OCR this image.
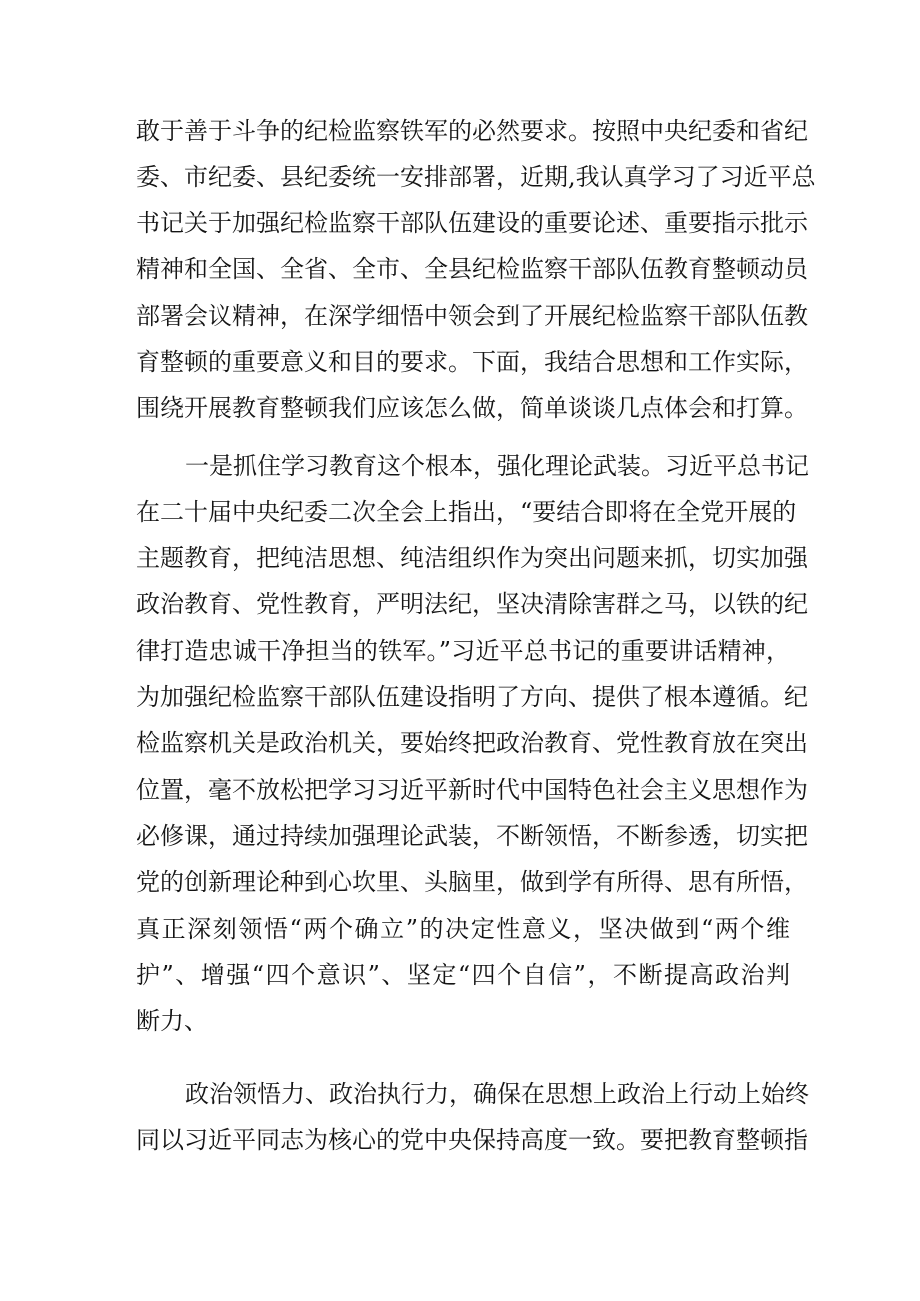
敢于善于斗争的纪检监察铁军的必然要求。按照中央纪委和省纪
委、市纪委、县纪委统一安排部署，近期,我认真学习了习近平总
书记关于加强纪检监察干部队伍建设的重要论述、重要指示批示
精神和全国、全省、全市、全县纪检监察干部队伍教育整顿动员
部署会议精神，在深学细悟中领会到了开展纪检监察干部队伍教
育整顿的重要意义和目的要求。下面，我结合思想和工作实际，
围绕开展教育整顿我们应该怎么做，简单谈谈几点体会和打算。
一是抓住学习教育这个根本，强化理论武装。习近平总书记
在二十届中央纪委二次全会上指出，“要结合即将在全党开展的
主题教育，把纯洁思想、纯洁组织作为突出问题来抓，切实加强
政治教育、党性教育，严明法纪，坚决清除害群之马，以铁的纪
律打造忠诚干净担当的铁军。”习近平总书记的重要讲话精神，
为加强纪检监察干部队伍建设指明了方向、提供了根本遵循。纪
检监察机关是政治机关，要始终把政治教育、党性教育放在突出
位置，毫不放松把学习习近平新时代中国特色社会主义思想作为
必修课，通过持续加强理论武装，不断领悟，不断参透，切实把
党的创新理论种到心坎里、头脑里，做到学有所得、思有所悟，
真正深刻领悟“两个确立”的决定性意义，坚决做到“两个维
护”、增强“四个意识”、坚定“四个自信”，不断提高政治判
断力、
政治领悟力、政治执行力，确保在思想上政治上行动上始终
同以习近平同志为核心的党中央保持高度一致。要把教育整顿指
